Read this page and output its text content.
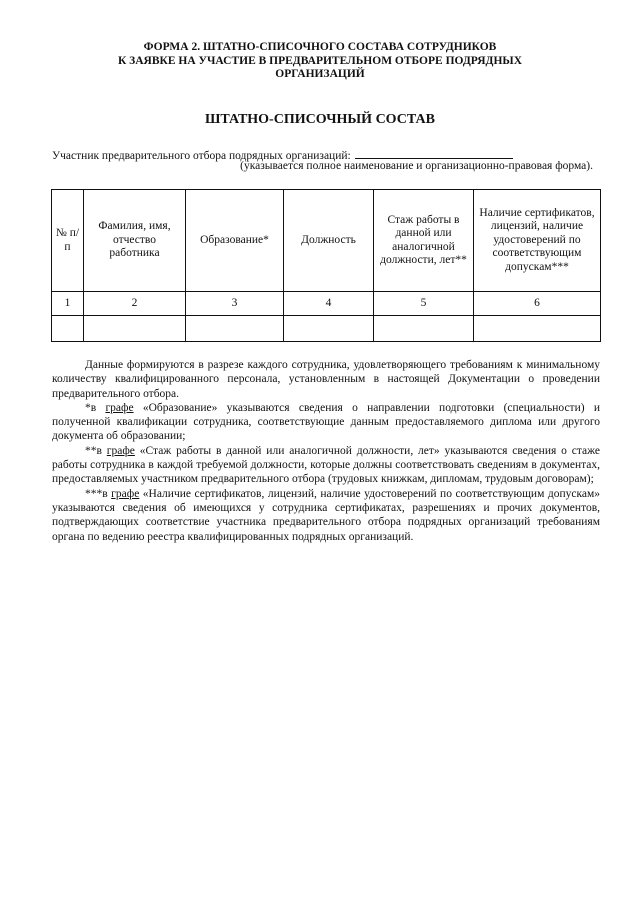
ФОРМА 2. ШТАТНО-СПИСОЧНОГО СОСТАВА СОТРУДНИКОВ
К ЗАЯВКЕ НА УЧАСТИЕ В ПРЕДВАРИТЕЛЬНОМ ОТБОРЕ ПОДРЯДНЫХ
ОРГАНИЗАЦИЙ
ШТАТНО-СПИСОЧНЫЙ СОСТАВ
Участник предварительного отбора подрядных организаций:
(указывается полное наименование и организационно-правовая форма).
№ п/п	Фамилия, имя, отчество работника	Образование*	Должность	Стаж работы в данной или аналогичной должности, лет**	Наличие сертификатов, лицензий, наличие удостоверений по соответствующим допускам***
1	2	3	4	5	6

Данные формируются в разрезе каждого сотрудника, удовлетворяющего требованиям к минимальному количеству квалифицированного персонала, установленным в настоящей Документации о проведении предварительного отбора.

*в графе «Образование» указываются сведения о направлении подготовки (специальности) и полученной квалификации сотрудника, соответствующие данным предоставляемого диплома или другого документа об образовании;

**в графе «Стаж работы в данной или аналогичной должности, лет» указываются сведения о стаже работы сотрудника в каждой требуемой должности, которые должны соответствовать сведениям в документах, предоставляемых участником предварительного отбора (трудовых книжкам, дипломам, трудовым договорам);

***в графе «Наличие сертификатов, лицензий, наличие удостоверений по соответствующим допускам» указываются сведения об имеющихся у сотрудника сертификатах, разрешениях и прочих документов, подтверждающих соответствие участника предварительного отбора подрядных организаций требованиям органа по ведению реестра квалифицированных подрядных организаций.
